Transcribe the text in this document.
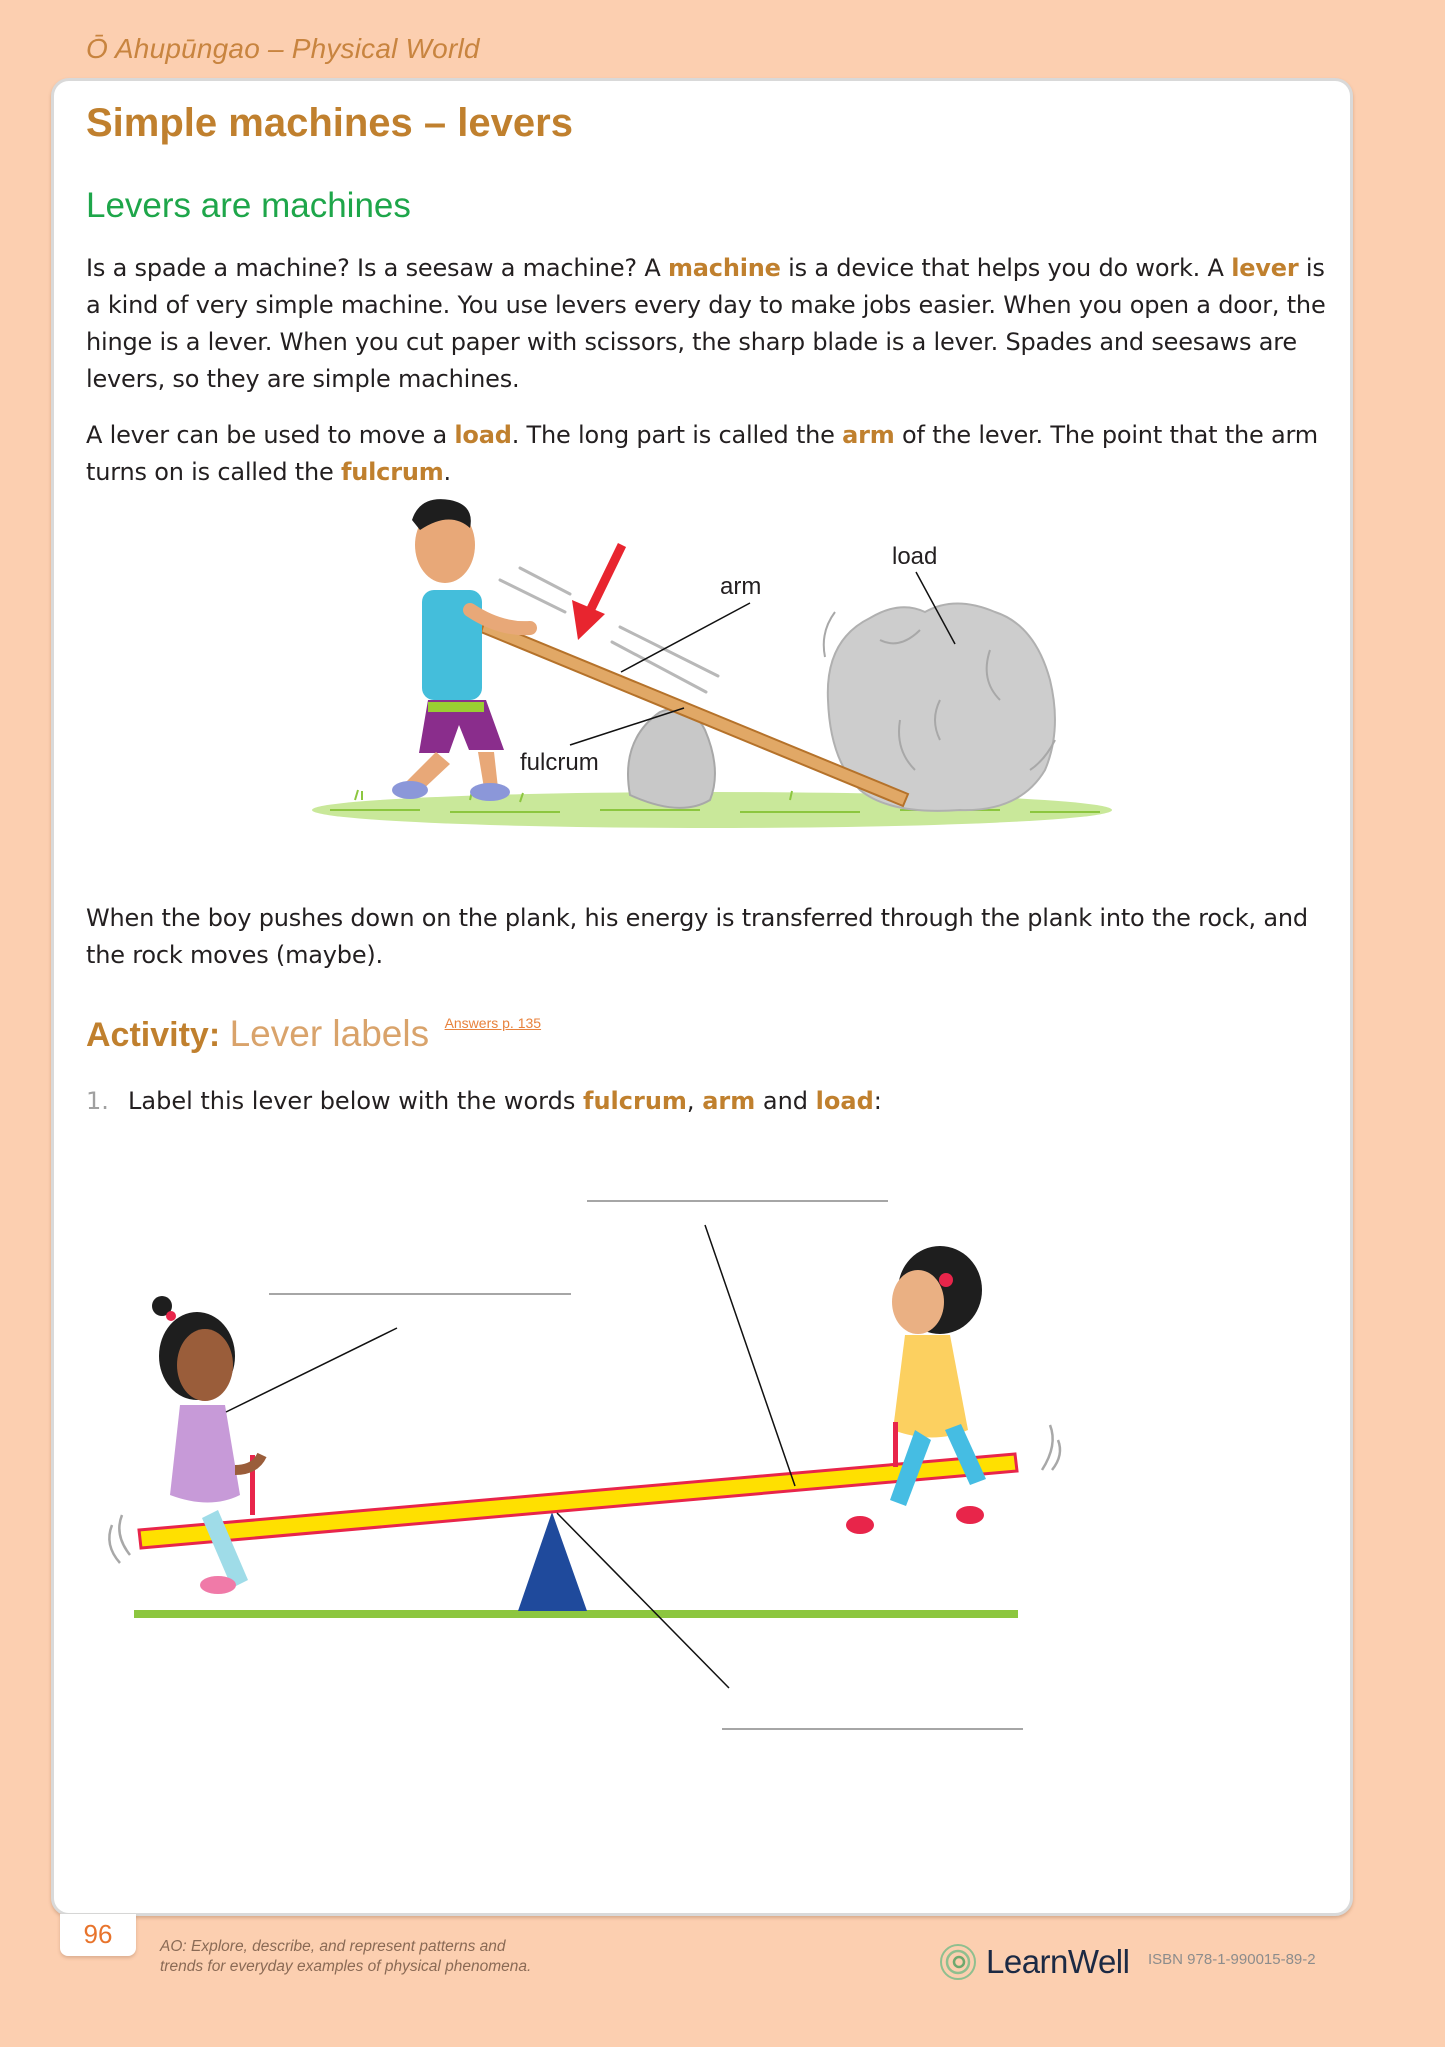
Ō Ahupūngao – Physical World
Simple machines – levers
Levers are machines
Is a spade a machine? Is a seesaw a machine? A machine is a device that helps you do work. A lever is a kind of very simple machine. You use levers every day to make jobs easier. When you open a door, the hinge is a lever. When you cut paper with scissors, the sharp blade is a lever. Spades and seesaws are levers, so they are simple machines.
A lever can be used to move a load. The long part is called the arm of the lever. The point that the arm turns on is called the fulcrum.
arm
load
fulcrum
When the boy pushes down on the plank, his energy is transferred through the plank into the rock, and the rock moves (maybe).
Activity: Lever labels $^{Answers p. 135}$
1. Label this lever below with the words fulcrum, arm and load:
96	AO: Explore, describe, and represent patterns and trends for everyday examples of physical phenomena.	LearnWell ISBN 978-1-990015-89-2
